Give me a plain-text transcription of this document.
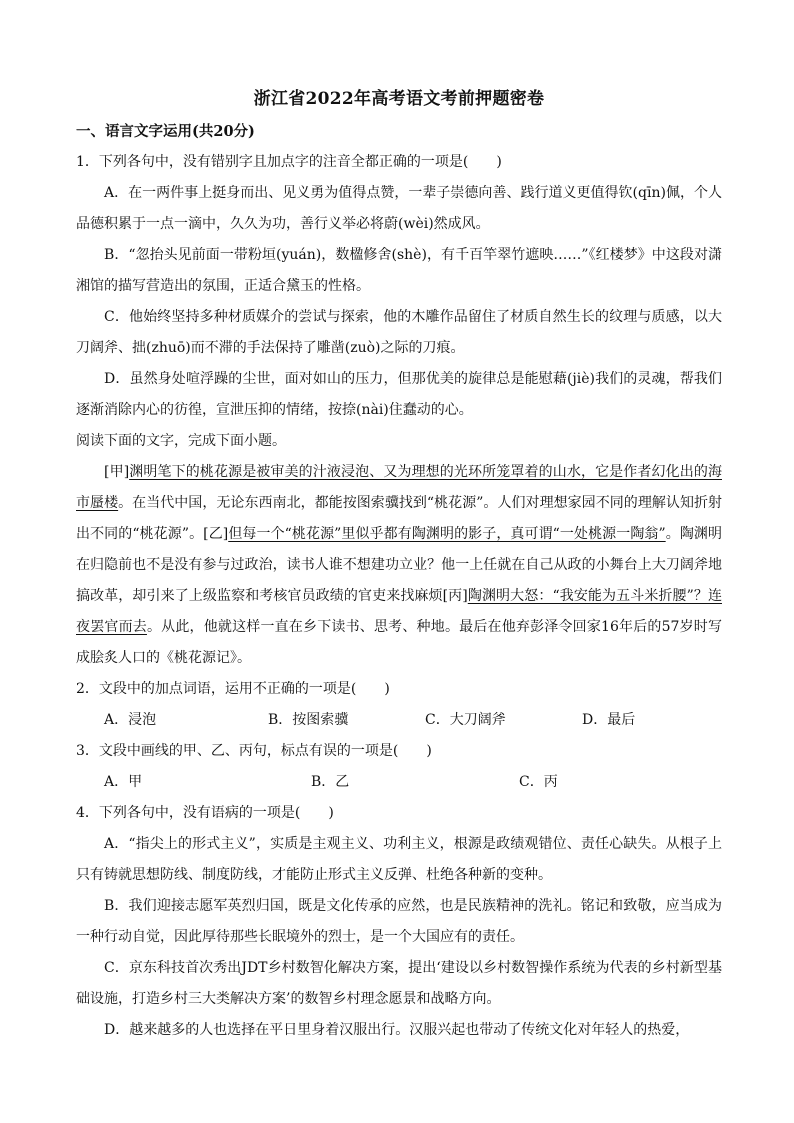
浙江省2022年高考语文考前押题密卷

一、语言文字运用(共20分)

1．下列各句中，没有错别字且加点字的注音全都正确的一项是(　　)

A．在一两件事上挺身而出、见义勇为值得点赞，一辈子崇德向善、践行道义更值得钦(qīn)佩，个人品德积累于一点一滴中，久久为功，善行义举必将蔚(wèi)然成风。

B．“忽抬头见前面一带粉垣(yuán)，数楹修舍(shè)，有千百竿翠竹遮映……”《红楼梦》中这段对潇湘馆的描写营造出的氛围，正适合黛玉的性格。

C．他始终坚持多种材质媒介的尝试与探索，他的木雕作品留住了材质自然生长的纹理与质感，以大刀阔斧、拙(zhuō)而不滞的手法保持了雕凿(zuò)之际的刀痕。

D．虽然身处喧浮躁的尘世，面对如山的压力，但那优美的旋律总是能慰藉(jiè)我们的灵魂，帮我们逐渐消除内心的彷徨，宣泄压抑的情绪，按捺(nài)住蠢动的心。

阅读下面的文字，完成下面小题。

[甲]渊明笔下的桃花源是被审美的汁液浸泡、又为理想的光环所笼罩着的山水，它是作者幻化出的海市蜃楼。在当代中国，无论东西南北，都能按图索骥找到“桃花源”。人们对理想家园不同的理解认知折射出不同的“桃花源”。[乙]但每一个“桃花源”里似乎都有陶渊明的影子，真可谓“一处桃源一陶翁”。陶渊明在归隐前也不是没有参与过政治，读书人谁不想建功立业？他一上任就在自己从政的小舞台上大刀阔斧地搞改革，却引来了上级监察和考核官员政绩的官吏来找麻烦[丙]陶渊明大怒：“我安能为五斗米折腰”？连夜罢官而去。从此，他就这样一直在乡下读书、思考、种地。最后在他弃彭泽令回家16年后的57岁时写成脍炙人口的《桃花源记》。

2．文段中的加点词语，运用不正确的一项是(　　)

A．浸泡	B．按图索骥	C．大刀阔斧	D．最后

3．文段中画线的甲、乙、丙句，标点有误的一项是(　　)

A．甲	B．乙	C．丙

4．下列各句中，没有语病的一项是(　　)

A．“指尖上的形式主义”，实质是主观主义、功利主义，根源是政绩观错位、责任心缺失。从根子上只有铸就思想防线、制度防线，才能防止形式主义反弹、杜绝各种新的变种。

B．我们迎接志愿军英烈归国，既是文化传承的应然，也是民族精神的洗礼。铭记和致敬，应当成为一种行动自觉，因此厚待那些长眠境外的烈士，是一个大国应有的责任。

C．京东科技首次秀出JDT乡村数智化解决方案，提出‘建设以乡村数智操作系统为代表的乡村新型基础设施，打造乡村三大类解决方案’的数智乡村理念愿景和战略方向。

D．越来越多的人也选择在平日里身着汉服出行。汉服兴起也带动了传统文化对年轻人的热爱，
